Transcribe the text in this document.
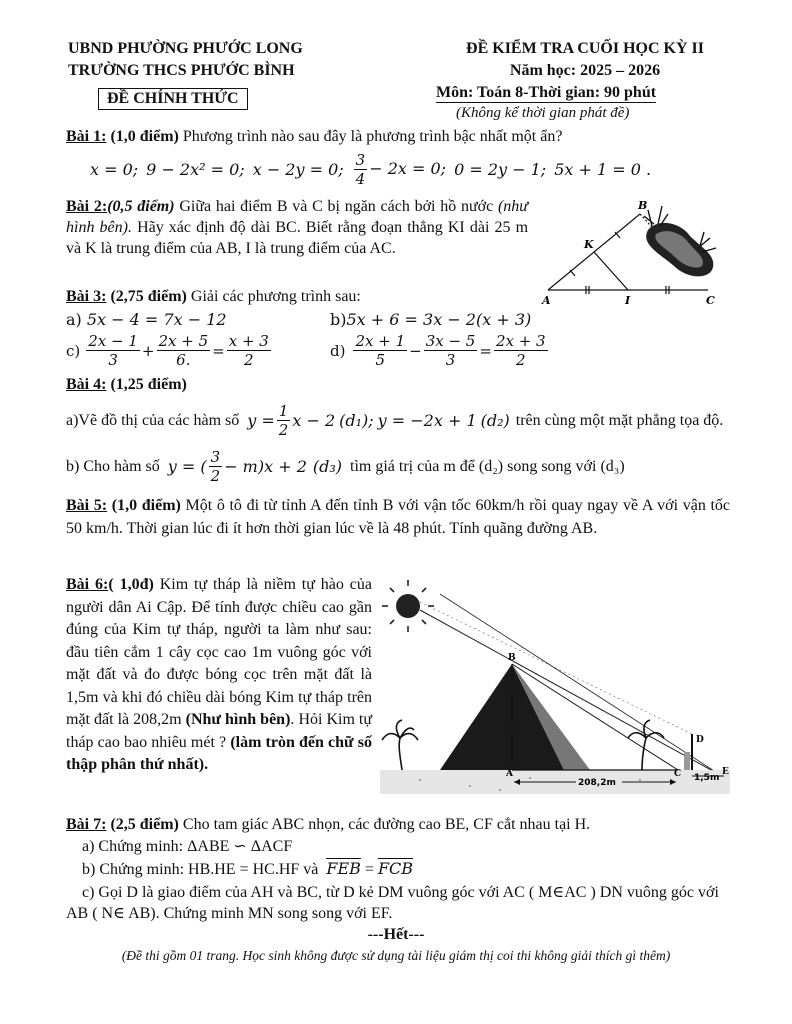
UBND PHƯỜNG PHƯỚC LONG
TRƯỜNG THCS PHƯỚC BÌNH
ĐỀ CHÍNH THỨC
ĐỀ KIỂM TRA CUỐI HỌC KỲ II
Năm học: 2025 – 2026
Môn: Toán 8-Thời gian: 90 phút
(Không kể thời gian phát đề)
Bài 1: (1,0 điểm) Phương trình nào sau đây là phương trình bậc nhất một ẩn?
x = 0; 9 − 2x² = 0; x − 2y = 0; $\frac{3}{4} - 2x = 0$; 0 = 2y − 1; 5x + 1 = 0 .
Bài 2:(0,5 điểm) Giữa hai điểm B và C bị ngăn cách bởi hồ nước (như hình bên). Hãy xác định độ dài BC. Biết rằng đoạn thẳng KI dài 25 m và K là trung điểm của AB, I là trung điểm của AC.
B
K
A	I	C
Bài 3: (2,75 điểm) Giải các phương trình sau:
a) 5x − 4 = 7x − 12	b)5x + 6 = 3x − 2(x + 3)
$c) \frac{2x - 1}{3} + \frac{2x + 5}{6.} = \frac{x + 3}{2}$	$d) \frac{2x + 1}{5} - \frac{3x - 5}{3} = \frac{2x + 3}{2}$
Bài 4: (1,25 điểm)
a)Vẽ đồ thị của các hàm số $y = \frac{1}{2}$ x − 2 (d₁); y = −2x + 1 (d₂) trên cùng một mặt phẳng tọa độ.
b) Cho hàm số y = ( $\frac{3}{2} - m)x + 2$ (d₃) tìm giá trị của m để (d₂) song song với (d₃)
Bài 5: (1,0 điểm) Một ô tô đi từ tỉnh A đến tỉnh B với vận tốc 60km/h rồi quay ngay về A với vận tốc 50 km/h. Thời gian lúc đi ít hơn thời gian lúc về là 48 phút. Tính quãng đường AB.
Bài 6:( 1,0đ) Kim tự tháp là niềm tự hào của người dân Ai Cập. Để tính được chiều cao gần đúng của Kim tự tháp, người ta làm như sau: đầu tiên cắm 1 cây cọc cao 1m vuông góc với mặt đất và đo được bóng cọc trên mặt đất là 1,5m và khi đó chiều dài bóng Kim tự tháp trên mặt đất là 208,2m (Như hình bên). Hỏi Kim tự tháp cao bao nhiêu mét ? (làm tròn đến chữ số thập phân thứ nhất).
208,2m	1,5m
B
A	C
D
E
Bài 7: (2,5 điểm) Cho tam giác ABC nhọn, các đường cao BE, CF cắt nhau tại H.
a) Chứng minh: ΔABE ∽ ΔACF
b) Chứng minh: HB.HE = HC.HF và FEB = FCB
c) Gọi D là giao điểm của AH và BC, từ D kẻ DM vuông góc với AC ( M∈AC ) DN vuông góc với AB ( N∈ AB). Chứng minh MN song song với EF.
---Hết---
(Đề thi gồm 01 trang. Học sinh không được sử dụng tài liệu giám thị coi thi không giải thích gì thêm)
